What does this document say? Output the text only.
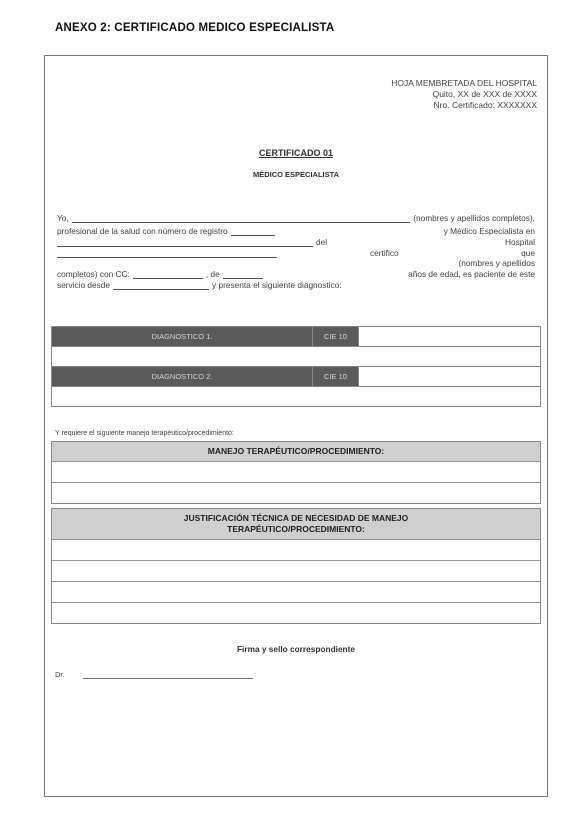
ANEXO 2: CERTIFICADO MEDICO ESPECIALISTA
HOJA MEMBRETADA DEL HOSPITAL
Quito, XX de XXX de XXXX
Nro. Certificado: XXXXXXX
CERTIFICADO 01
MÉDICO ESPECIALISTA
Yo,	(nombres y apellidos completos),
profesional de la salud con número de registro	y Médico Especialista en
del	Hospital
certifico	que
(nombres y apellidos
completos) con CC:	, de	años de edad, es paciente de este
servicio desde	y presenta el siguiente diagnostico:
DIAGNOSTICO 1.	CIE 10	

DIAGNOSTICO 2.	CIE 10	

Y requiere el siguiente manejo terapéutico/procedimiento:
MANEJO TERAPÉUTICO/PROCEDIMIENTO:
JUSTIFICACIÓN TÉCNICA DE NECESIDAD DE MANEJO
TERAPÉUTICO/PROCEDIMIENTO:
Firma y sello correspondiente
Dr.
